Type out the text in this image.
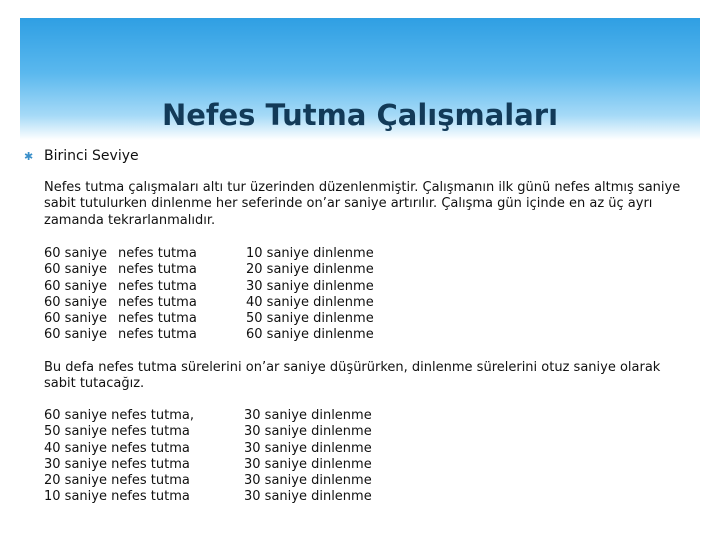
Nefes Tutma Çalışmaları
✱ Birinci Seviye
Nefes tutma çalışmaları altı tur üzerinden düzenlenmiştir. Çalışmanın ilk günü nefes altmış saniye sabit tutulurken dinlenme her seferinde on’ar saniye artırılır. Çalışma gün içinde en az üç ayrı zamanda tekrarlanmalıdır.
60 saniye nefes tutma	10 saniye dinlenme
60 saniye nefes tutma	20 saniye dinlenme
60 saniye nefes tutma	30 saniye dinlenme
60 saniye nefes tutma	40 saniye dinlenme
60 saniye nefes tutma	50 saniye dinlenme
60 saniye nefes tutma	60 saniye dinlenme
Bu defa nefes tutma sürelerini on’ar saniye düşürürken, dinlenme sürelerini otuz saniye olarak sabit tutacağız.
60 saniye nefes tutma,	30 saniye dinlenme
50 saniye nefes tutma	30 saniye dinlenme
40 saniye nefes tutma	30 saniye dinlenme
30 saniye nefes tutma	30 saniye dinlenme
20 saniye nefes tutma	30 saniye dinlenme
10 saniye nefes tutma	30 saniye dinlenme
